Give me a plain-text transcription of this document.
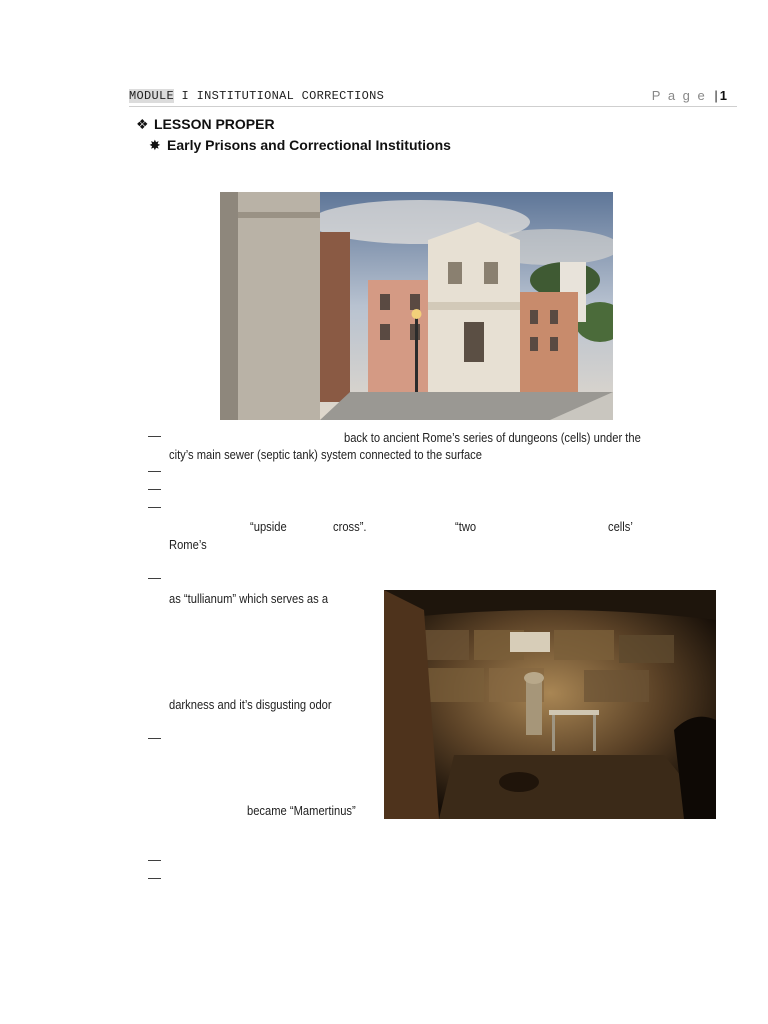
MODULE I INSTITUTIONAL CORRECTIONS	P a g e | 1
❖ LESSON PROPER
✸ Early Prisons and Correctional Institutions
—	back to ancient Rome’s series of dungeons (cells) under the
city’s main sewer (septic tank) system connected to the surface
—
—
—
“upside	cross”.	“two	cells’
Rome’s
—
as “tullianum” which serves as a
darkness and it’s disgusting odor
—
became “Mamertinus”
—
—
